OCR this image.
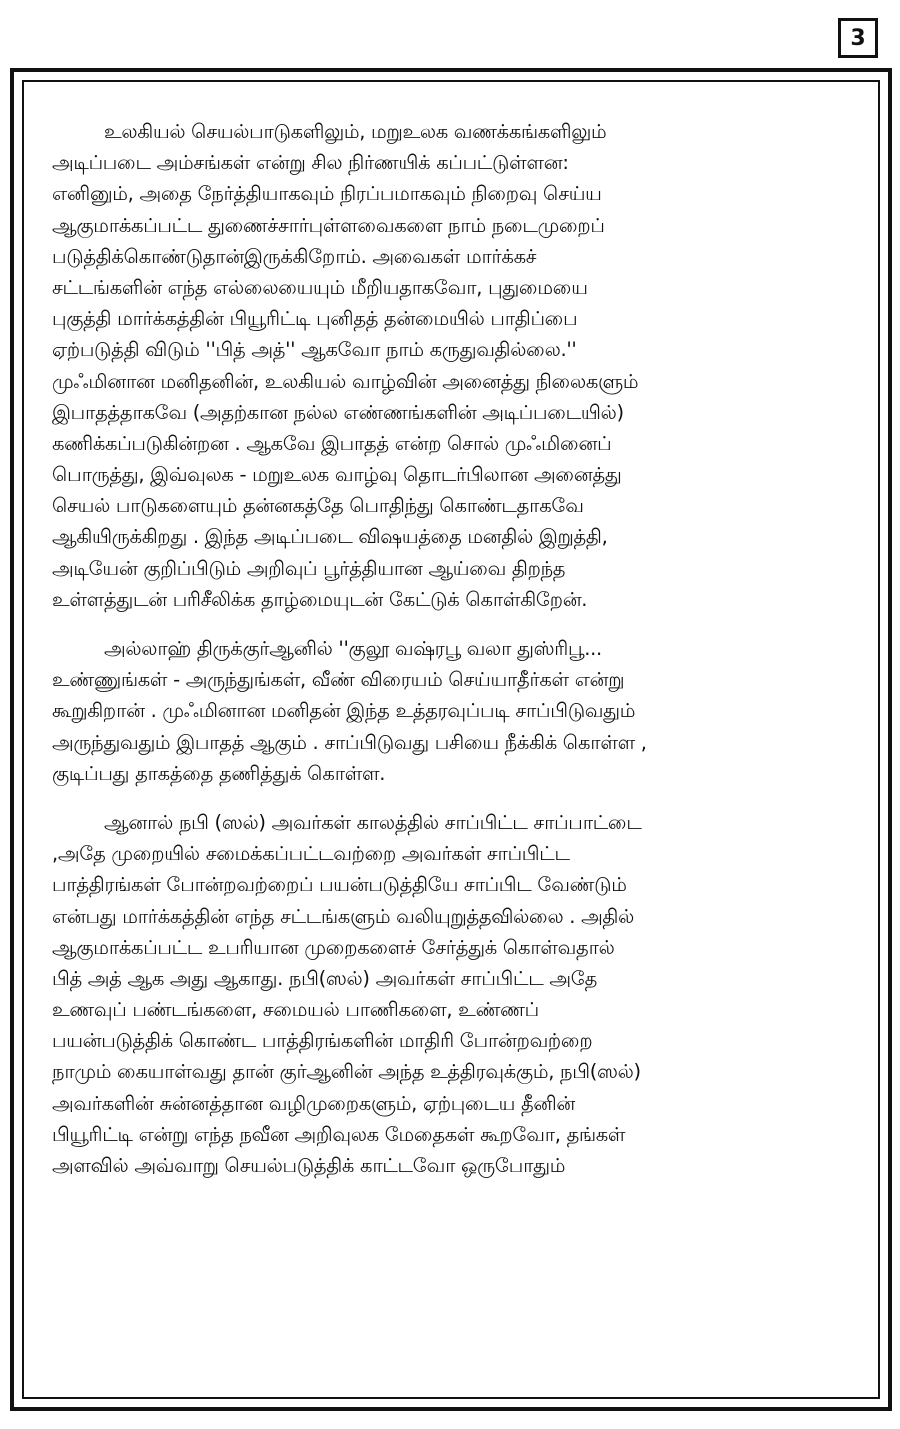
3
உலகியல் செயல்பாடுகளிலும், மறுஉலக வணக்கங்களிலும்
அடிப்படை அம்சங்கள் என்று சில நிர்ணயிக் கப்பட்டுள்ளன:
எனினும், அதை நேர்த்தியாகவும் நிரப்பமாகவும் நிறைவு செய்ய
ஆகுமாக்கப்பட்ட துணைச்சார்புள்ளவைகளை நாம் நடைமுறைப்
படுத்திக்கொண்டுதான்இருக்கிறோம். அவைகள் மார்க்கச்
சட்டங்களின் எந்த எல்லையையும் மீறியதாகவோ, புதுமையை
புகுத்தி மார்க்கத்தின் பியூரிட்டி புனிதத் தன்மையில் பாதிப்பை
ஏற்படுத்தி விடும் ''பித் அத்'' ஆகவோ நாம் கருதுவதில்லை.''
முஃமினான மனிதனின், உலகியல் வாழ்வின் அனைத்து நிலைகளும்
இபாதத்தாகவே (அதற்கான நல்ல எண்ணங்களின் அடிப்படையில்)
கணிக்கப்படுகின்றன . ஆகவே இபாதத் என்ற சொல் முஃமினைப்
பொருத்து, இவ்வுலக - மறுஉலக வாழ்வு தொடர்பிலான அனைத்து
செயல் பாடுகளையும் தன்னகத்தே பொதிந்து கொண்டதாகவே
ஆகியிருக்கிறது . இந்த அடிப்படை விஷயத்தை மனதில் இறுத்தி,
அடியேன் குறிப்பிடும் அறிவுப் பூர்த்தியான ஆய்வை திறந்த
உள்ளத்துடன் பரிசீலிக்க தாழ்மையுடன் கேட்டுக் கொள்கிறேன்.
அல்லாஹ் திருக்குர்ஆனில் ''குலூ வஷ்ரபூ வலா துஸ்ரிபூ...
உண்ணுங்கள் - அருந்துங்கள், வீண் விரையம் செய்யாதீர்கள் என்று
கூறுகிறான் . முஃமினான மனிதன் இந்த உத்தரவுப்படி சாப்பிடுவதும்
அருந்துவதும் இபாதத் ஆகும் . சாப்பிடுவது பசியை நீக்கிக் கொள்ள ,
குடிப்பது தாகத்தை தணித்துக் கொள்ள.
ஆனால் நபி (ஸல்) அவர்கள் காலத்தில் சாப்பிட்ட சாப்பாட்டை
,அதே முறையில் சமைக்கப்பட்டவற்றை அவர்கள் சாப்பிட்ட
பாத்திரங்கள் போன்றவற்றைப் பயன்படுத்தியே சாப்பிட வேண்டும்
என்பது மார்க்கத்தின் எந்த சட்டங்களும் வலியுறுத்தவில்லை . அதில்
ஆகுமாக்கப்பட்ட உபரியான முறைகளைச் சேர்த்துக் கொள்வதால்
பித் அத் ஆக அது ஆகாது. நபி(ஸல்) அவர்கள் சாப்பிட்ட அதே
உணவுப் பண்டங்களை, சமையல் பாணிகளை, உண்ணப்
பயன்படுத்திக் கொண்ட பாத்திரங்களின் மாதிரி போன்றவற்றை
நாமும் கையாள்வது தான் குர்ஆனின் அந்த உத்திரவுக்கும், நபி(ஸல்)
அவர்களின் சுன்னத்தான வழிமுறைகளும், ஏற்புடைய தீனின்
பியூரிட்டி என்று எந்த நவீன அறிவுலக மேதைகள் கூறவோ, தங்கள்
அளவில் அவ்வாறு செயல்படுத்திக் காட்டவோ ஒருபோதும்
